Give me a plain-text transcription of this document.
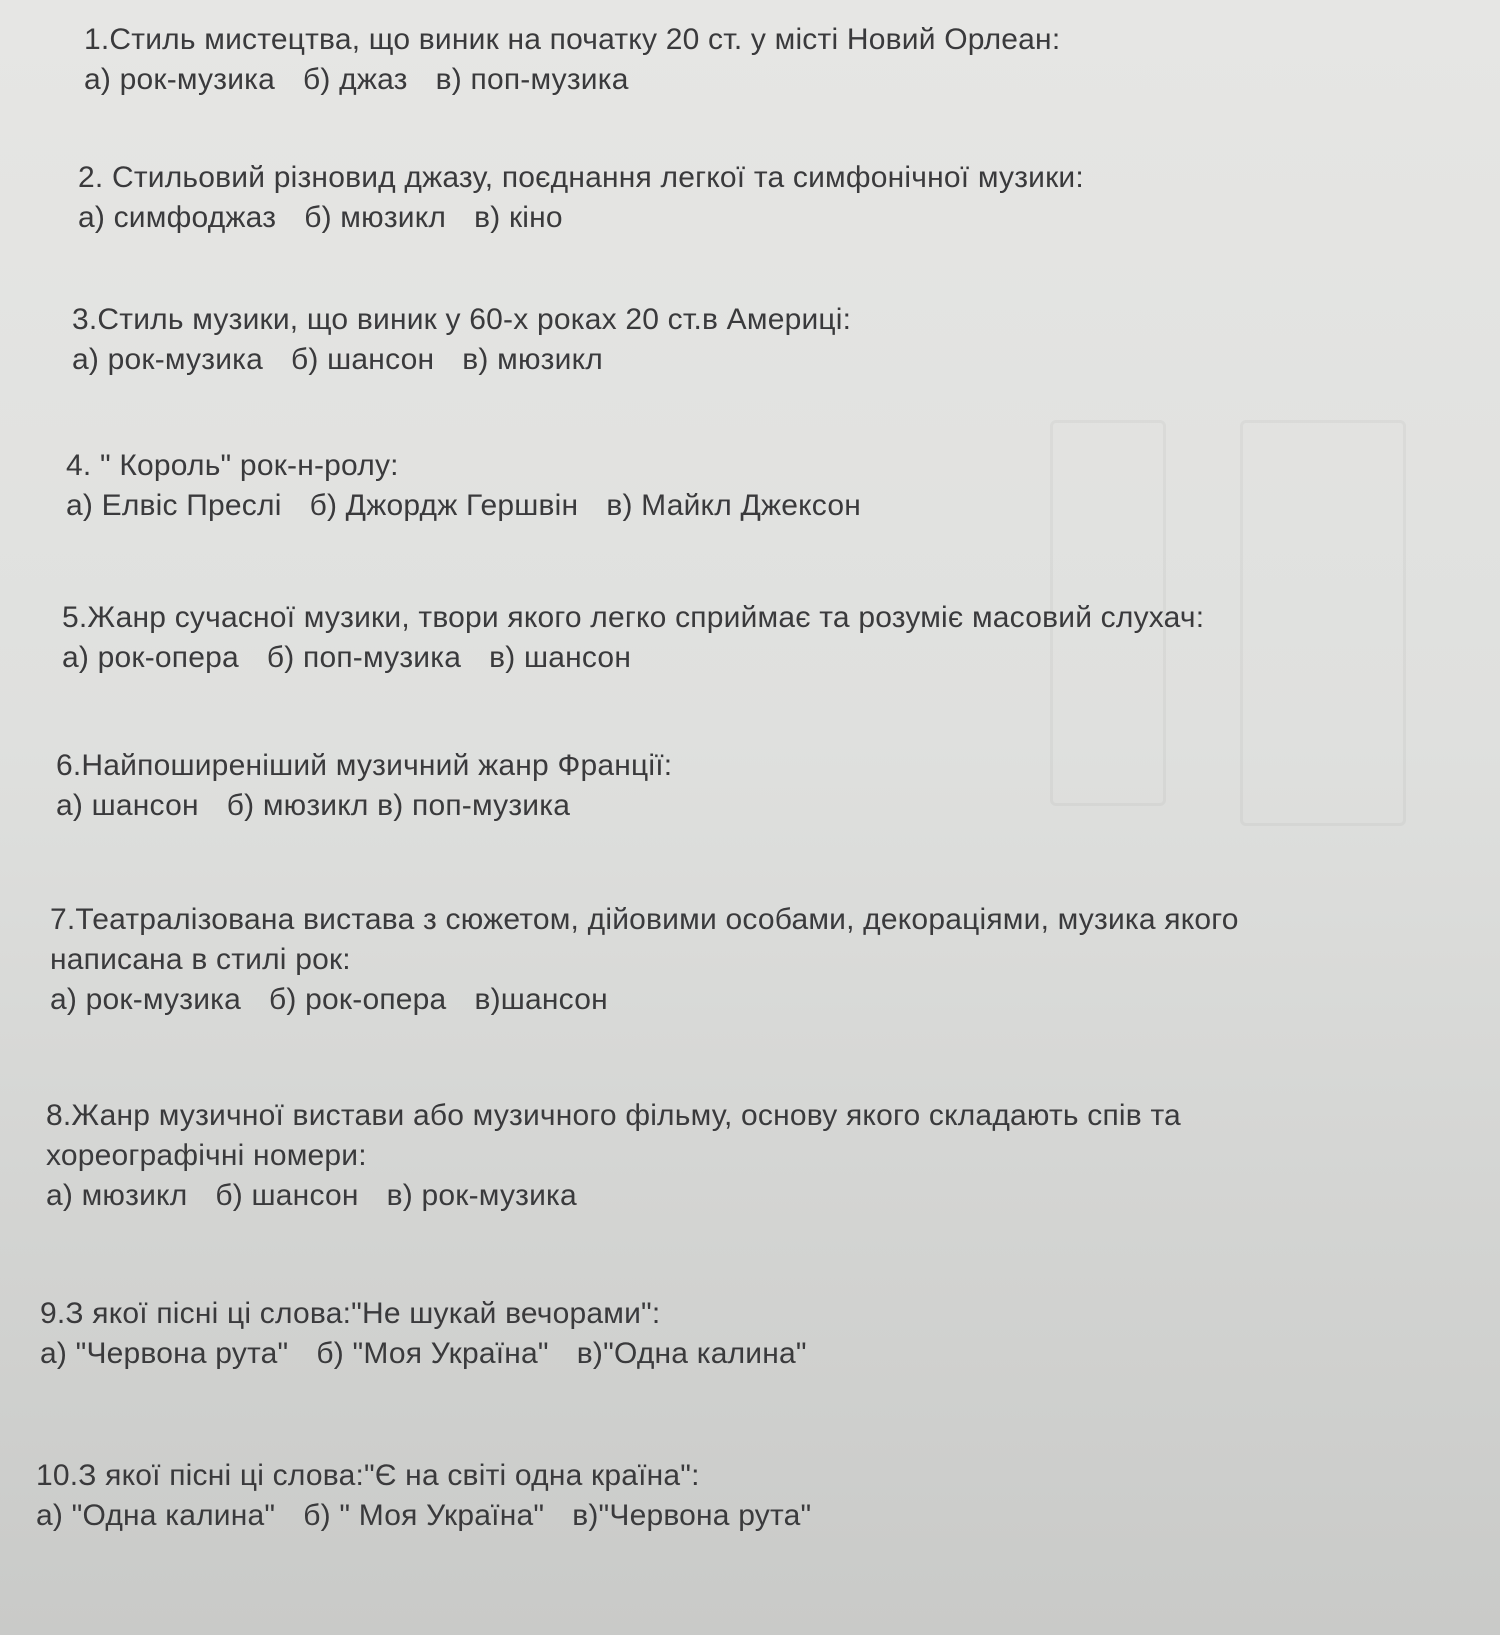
1.Стиль мистецтва, що виник на початку 20 ст. у місті Новий Орлеан:
а) рок-музика б) джаз в) поп-музика
2. Стильовий різновид джазу, поєднання легкої та симфонічної музики:
а) симфоджаз б) мюзикл в) кіно
3.Стиль музики, що виник у 60-х роках 20 ст.в Америці:
а) рок-музика б) шансон в) мюзикл
4. " Король" рок-н-ролу:
а) Елвіс Преслі б) Джордж Гершвін в) Майкл Джексон
5.Жанр сучасної музики, твори якого легко сприймає та розуміє масовий слухач:
а) рок-опера б) поп-музика в) шансон
6.Найпоширеніший музичний жанр Франції:
а) шансон б) мюзикл в) поп-музика
7.Театралізована вистава з сюжетом, дійовими особами, декораціями, музика якого
написана в стилі рок:
а) рок-музика б) рок-опера в)шансон
8.Жанр музичної вистави або музичного фільму, основу якого складають спів та
хореографічні номери:
а) мюзикл б) шансон в) рок-музика
9.З якої пісні ці слова:"Не шукай вечорами":
а) "Червона рута" б) "Моя Україна" в)"Одна калина"
10.З якої пісні ці слова:"Є на світі одна країна":
а) "Одна калина" б) " Моя Україна" в)"Червона рута"
